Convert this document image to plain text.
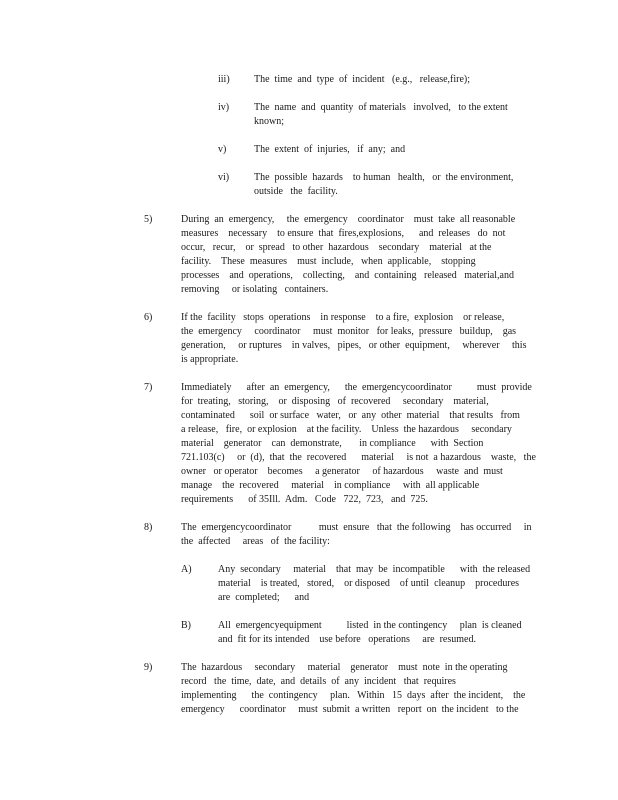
iii) The  time  and  type  of  incident   (e.g.,   release,fire);
iv) The  name  and  quantity  of materials   involved,   to the extent
known;
v)	The  extent  of  injuries,   if  any;  and
vi) The  possible  hazards    to human   health,   or  the environment,
outside   the  facility.
5)	During  an  emergency,     the  emergency    coordinator    must  take  all reasonable
measures    necessary    to ensure  that  fires,explosions,      and  releases   do  not
occur,   recur,    or  spread   to other  hazardous    secondary    material   at the
facility.    These  measures    must  include,   when  applicable,    stopping
processes    and  operations,    collecting,    and  containing   released   material,and
removing     or isolating   containers.
6)	If the  facility   stops  operations    in response    to a fire,  explosion    or release,
the  emergency     coordinator     must  monitor   for leaks,  pressure   buildup,    gas
generation,     or ruptures    in valves,   pipes,   or other  equipment,     wherever     this
is appropriate.
7)	Immediately      after  an  emergency,      the  emergencycoordinator          must  provide
for  treating,   storing,    or  disposing   of  recovered     secondary    material,
contaminated      soil  or surface   water,   or  any  other  material    that results   from
a release,   fire,  or explosion    at the facility.    Unless  the hazardous     secondary
material    generator    can  demonstrate,       in compliance      with  Section
721.103(c)     or  (d),  that  the  recovered      material     is not  a hazardous    waste,   the
owner   or operator    becomes     a generator     of hazardous     waste  and  must
manage    the  recovered     material    in compliance     with  all applicable
requirements      of 35Ill.  Adm.   Code   722,  723,   and  725.
8)	The  emergencycoordinator           must  ensure   that  the following    has occurred     in
the  affected     areas   of  the facility:
A)	Any  secondary     material    that  may  be  incompatible      with  the released
material    is treated,   stored,    or disposed    of until  cleanup    procedures
are  completed;      and
B)	All  emergencyequipment          listed  in the contingency     plan  is cleaned
and  fit for its intended    use before   operations     are  resumed.
9)	The  hazardous     secondary     material    generator    must  note  in the operating
record   the  time,  date,  and  details  of  any  incident   that  requires
implementing      the  contingency     plan.   Within   15  days  after  the incident,    the
emergency      coordinator     must  submit  a written   report  on  the incident   to the
